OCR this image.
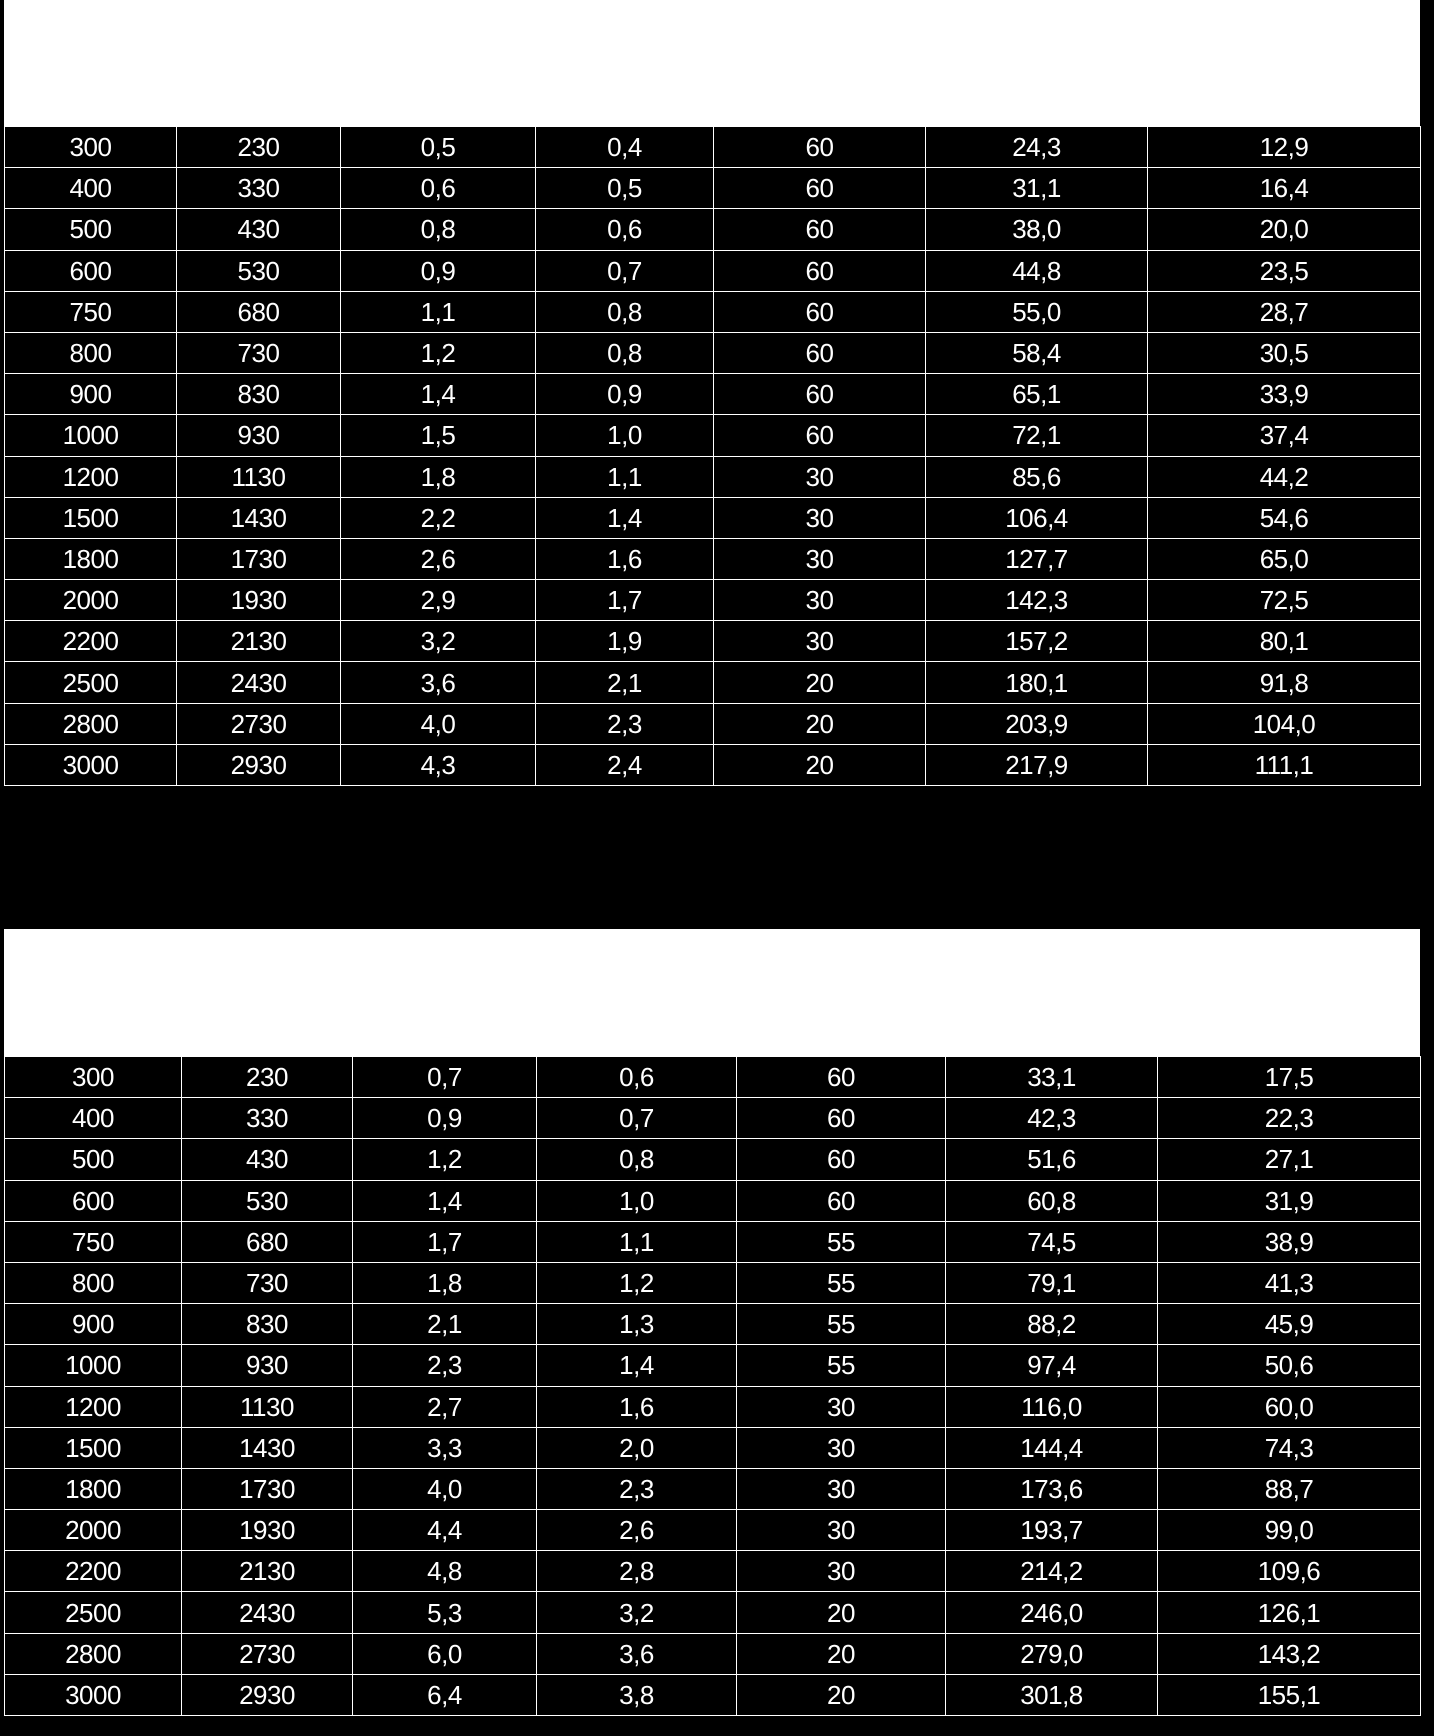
300	230	0,5	0,4	60	24,3	12,9
400	330	0,6	0,5	60	31,1	16,4
500	430	0,8	0,6	60	38,0	20,0
600	530	0,9	0,7	60	44,8	23,5
750	680	1,1	0,8	60	55,0	28,7
800	730	1,2	0,8	60	58,4	30,5
900	830	1,4	0,9	60	65,1	33,9
1000	930	1,5	1,0	60	72,1	37,4
1200	1130	1,8	1,1	30	85,6	44,2
1500	1430	2,2	1,4	30	106,4	54,6
1800	1730	2,6	1,6	30	127,7	65,0
2000	1930	2,9	1,7	30	142,3	72,5
2200	2130	3,2	1,9	30	157,2	80,1
2500	2430	3,6	2,1	20	180,1	91,8
2800	2730	4,0	2,3	20	203,9	104,0
3000	2930	4,3	2,4	20	217,9	111,1
300	230	0,7	0,6	60	33,1	17,5
400	330	0,9	0,7	60	42,3	22,3
500	430	1,2	0,8	60	51,6	27,1
600	530	1,4	1,0	60	60,8	31,9
750	680	1,7	1,1	55	74,5	38,9
800	730	1,8	1,2	55	79,1	41,3
900	830	2,1	1,3	55	88,2	45,9
1000	930	2,3	1,4	55	97,4	50,6
1200	1130	2,7	1,6	30	116,0	60,0
1500	1430	3,3	2,0	30	144,4	74,3
1800	1730	4,0	2,3	30	173,6	88,7
2000	1930	4,4	2,6	30	193,7	99,0
2200	2130	4,8	2,8	30	214,2	109,6
2500	2430	5,3	3,2	20	246,0	126,1
2800	2730	6,0	3,6	20	279,0	143,2
3000	2930	6,4	3,8	20	301,8	155,1
